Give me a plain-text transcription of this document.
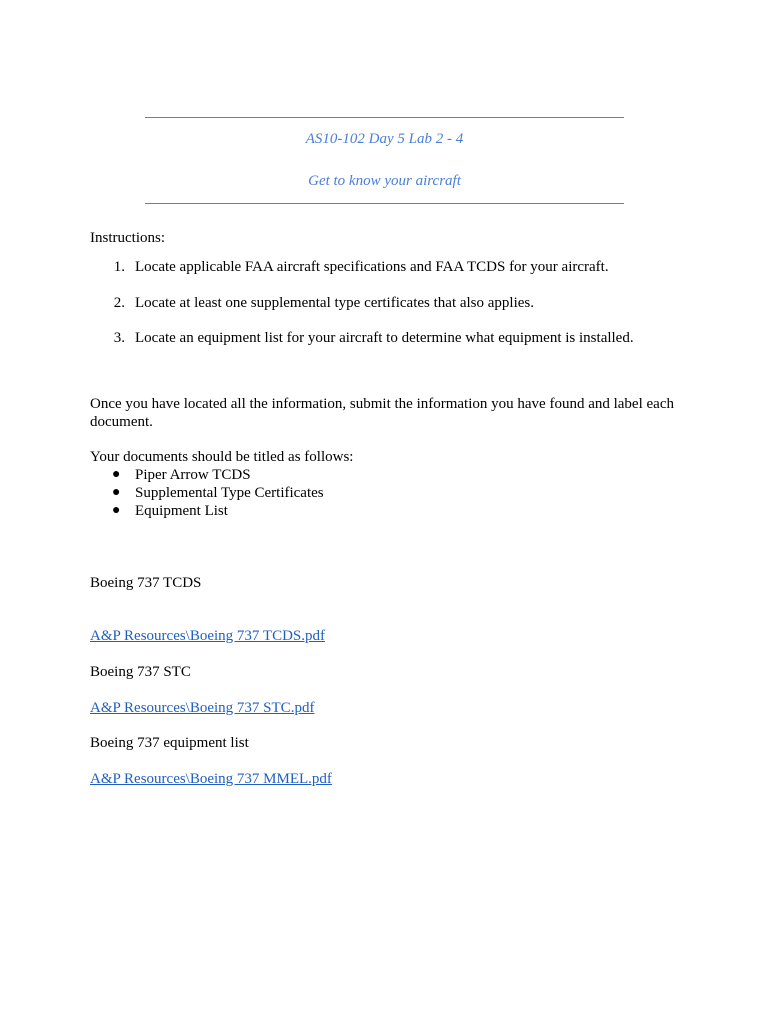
AS10-102 Day 5 Lab 2 - 4
Get to know your aircraft
Instructions:
1. Locate applicable FAA aircraft specifications and FAA TCDS for your aircraft.
2. Locate at least one supplemental type certificates that also applies.
3. Locate an equipment list for your aircraft to determine what equipment is installed.
Once you have located all the information, submit the information you have found and label each document.
Your documents should be titled as follows:
● Piper Arrow TCDS
● Supplemental Type Certificates
● Equipment List
Boeing 737 TCDS
A&P Resources\Boeing 737 TCDS.pdf
Boeing 737 STC
A&P Resources\Boeing 737 STC.pdf
Boeing 737 equipment list
A&P Resources\Boeing 737 MMEL.pdf
